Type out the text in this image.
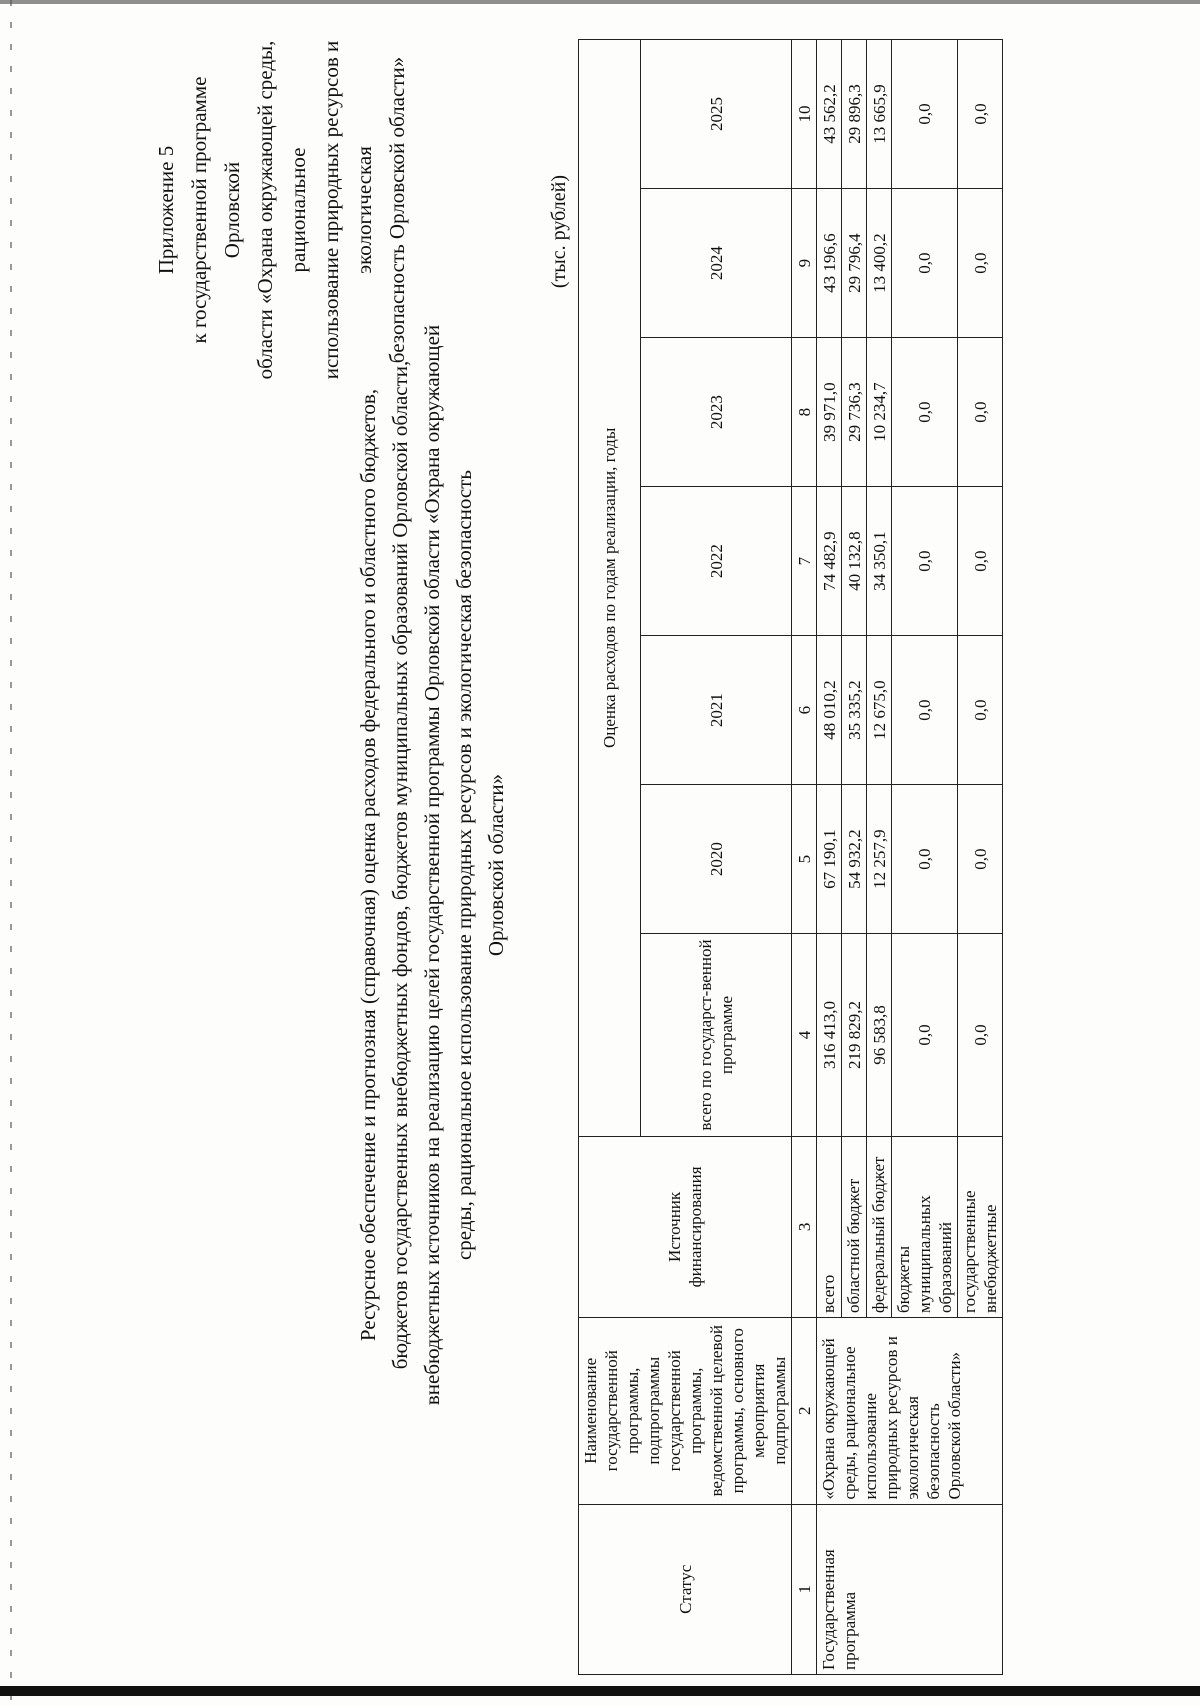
Приложение 5 к государственной программе Орловской области «Охрана окружающей среды, рациональное использование природных ресурсов и экологическая безопасность Орловской области»
Ресурсное обеспечение и прогнозная (справочная) оценка расходов федерального и областного бюджетов, бюджетов государственных внебюджетных фондов, бюджетов муниципальных образований Орловской области, внебюджетных источников на реализацию целей государственной программы Орловской области «Охрана окружающей среды, рациональное использование природных ресурсов и экологическая безопасность Орловской области»
(тыс. рублей)
Статус	Наименование государственной программы, подпрограммы государственной программы, ведомственной целевой программы, основного мероприятия подпрограммы	Источник финансирования	Оценка расходов по годам реализации, годы						
			всего по государст-венной программе	2020	2021	2022	2023	2024	2025
1	2	3	4	5	6	7	8	9	10
Государственная программа	«Охрана окружающей среды, рациональное использование природных ресурсов и экологическая безопасность Орловской области»	всего	316 413,0	67 190,1	48 010,2	74 482,9	39 971,0	43 196,6	43 562,2
		областной бюджет	219 829,2	54 932,2	35 335,2	40 132,8	29 736,3	29 796,4	29 896,3
		федеральный бюджет	96 583,8	12 257,9	12 675,0	34 350,1	10 234,7	13 400,2	13 665,9
		бюджеты муниципальных образований	0,0	0,0	0,0	0,0	0,0	0,0	0,0
		государственные внебюджетные	0,0	0,0	0,0	0,0	0,0	0,0	0,0
